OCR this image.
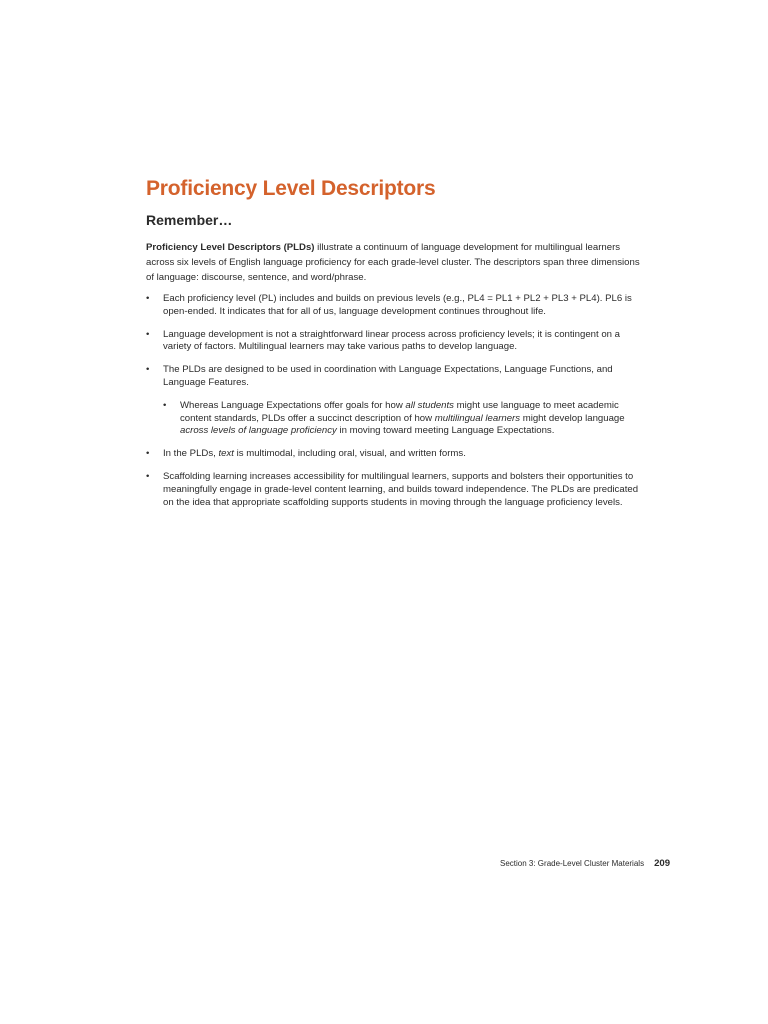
Proficiency Level Descriptors
Remember…

Proficiency Level Descriptors (PLDs) illustrate a continuum of language development for multilingual learners across six levels of English language proficiency for each grade-level cluster. The descriptors span three dimensions of language: discourse, sentence, and word/phrase.

• Each proficiency level (PL) includes and builds on previous levels (e.g., PL4 = PL1 + PL2 + PL3 + PL4). PL6 is open-ended. It indicates that for all of us, language development continues throughout life.
• Language development is not a straightforward linear process across proficiency levels; it is contingent on a variety of factors. Multilingual learners may take various paths to develop language.
• The PLDs are designed to be used in coordination with Language Expectations, Language Functions, and Language Features.
• Whereas Language Expectations offer goals for how all students might use language to meet academic content standards, PLDs offer a succinct description of how multilingual learners might develop language across levels of language proficiency in moving toward meeting Language Expectations.
• In the PLDs, text is multimodal, including oral, visual, and written forms.
• Scaffolding learning increases accessibility for multilingual learners, supports and bolsters their opportunities to meaningfully engage in grade-level content learning, and builds toward independence. The PLDs are predicated on the idea that appropriate scaffolding supports students in moving through the language proficiency levels.
Section 3: Grade-Level Cluster Materials 209
